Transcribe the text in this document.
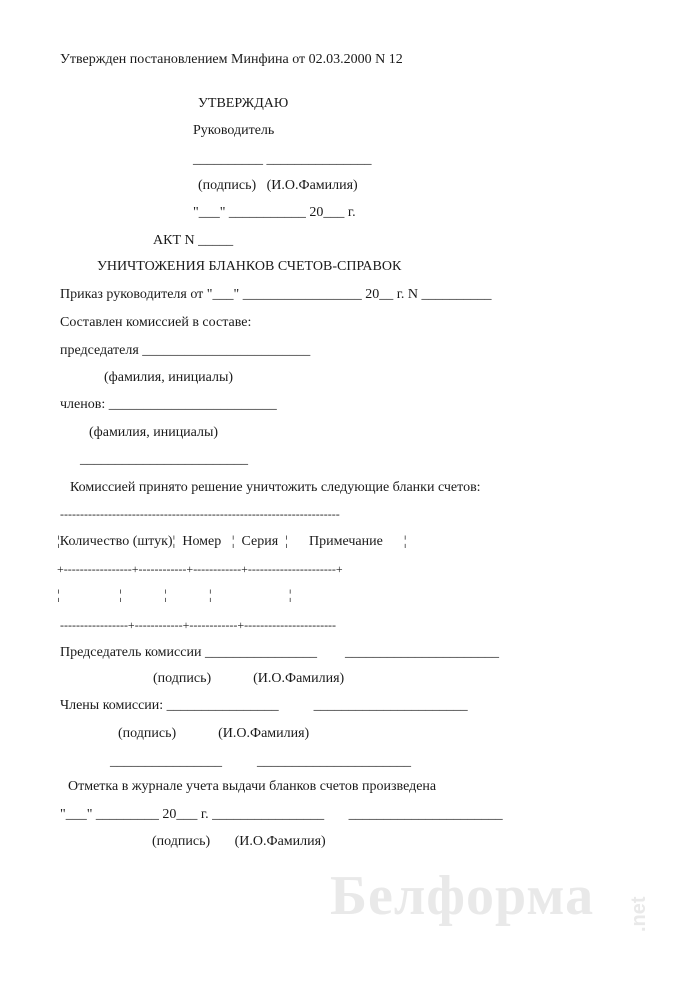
Утвержден постановлением Минфина от 02.03.2000 N 12
УТВЕРЖДАЮ
Руководитель
__________ _______________
(подпись)   (И.О.Фамилия)
"___" ___________ 20___ г.
АКТ N _____
УНИЧТОЖЕНИЯ БЛАНКОВ СЧЕТОВ-СПРАВОК
Приказ руководителя от "___" _________________ 20__ г. N __________
Составлен комиссией в составе:
председателя ________________________
(фамилия, инициалы)
членов: ________________________
(фамилия, инициалы)
________________________
Комиссией принято решение уничтожить следующие бланки счетов:
----------------------------------------------------------------------
¦Количество (штук)¦  Номер   ¦  Серия  ¦      Примечание      ¦
+-----------------+------------+------------+----------------------+
¦                 ¦            ¦            ¦                      ¦
-----------------+------------+------------+-----------------------
Председатель комиссии ________________        ______________________
(подпись)            (И.О.Фамилия)
Члены комиссии: ________________          ______________________
(подпись)            (И.О.Фамилия)
________________          ______________________
Отметка в журнале учета выдачи бланков счетов произведена
"___" _________ 20___ г. ________________       ______________________
(подпись)       (И.О.Фамилия)
Белформа .net
